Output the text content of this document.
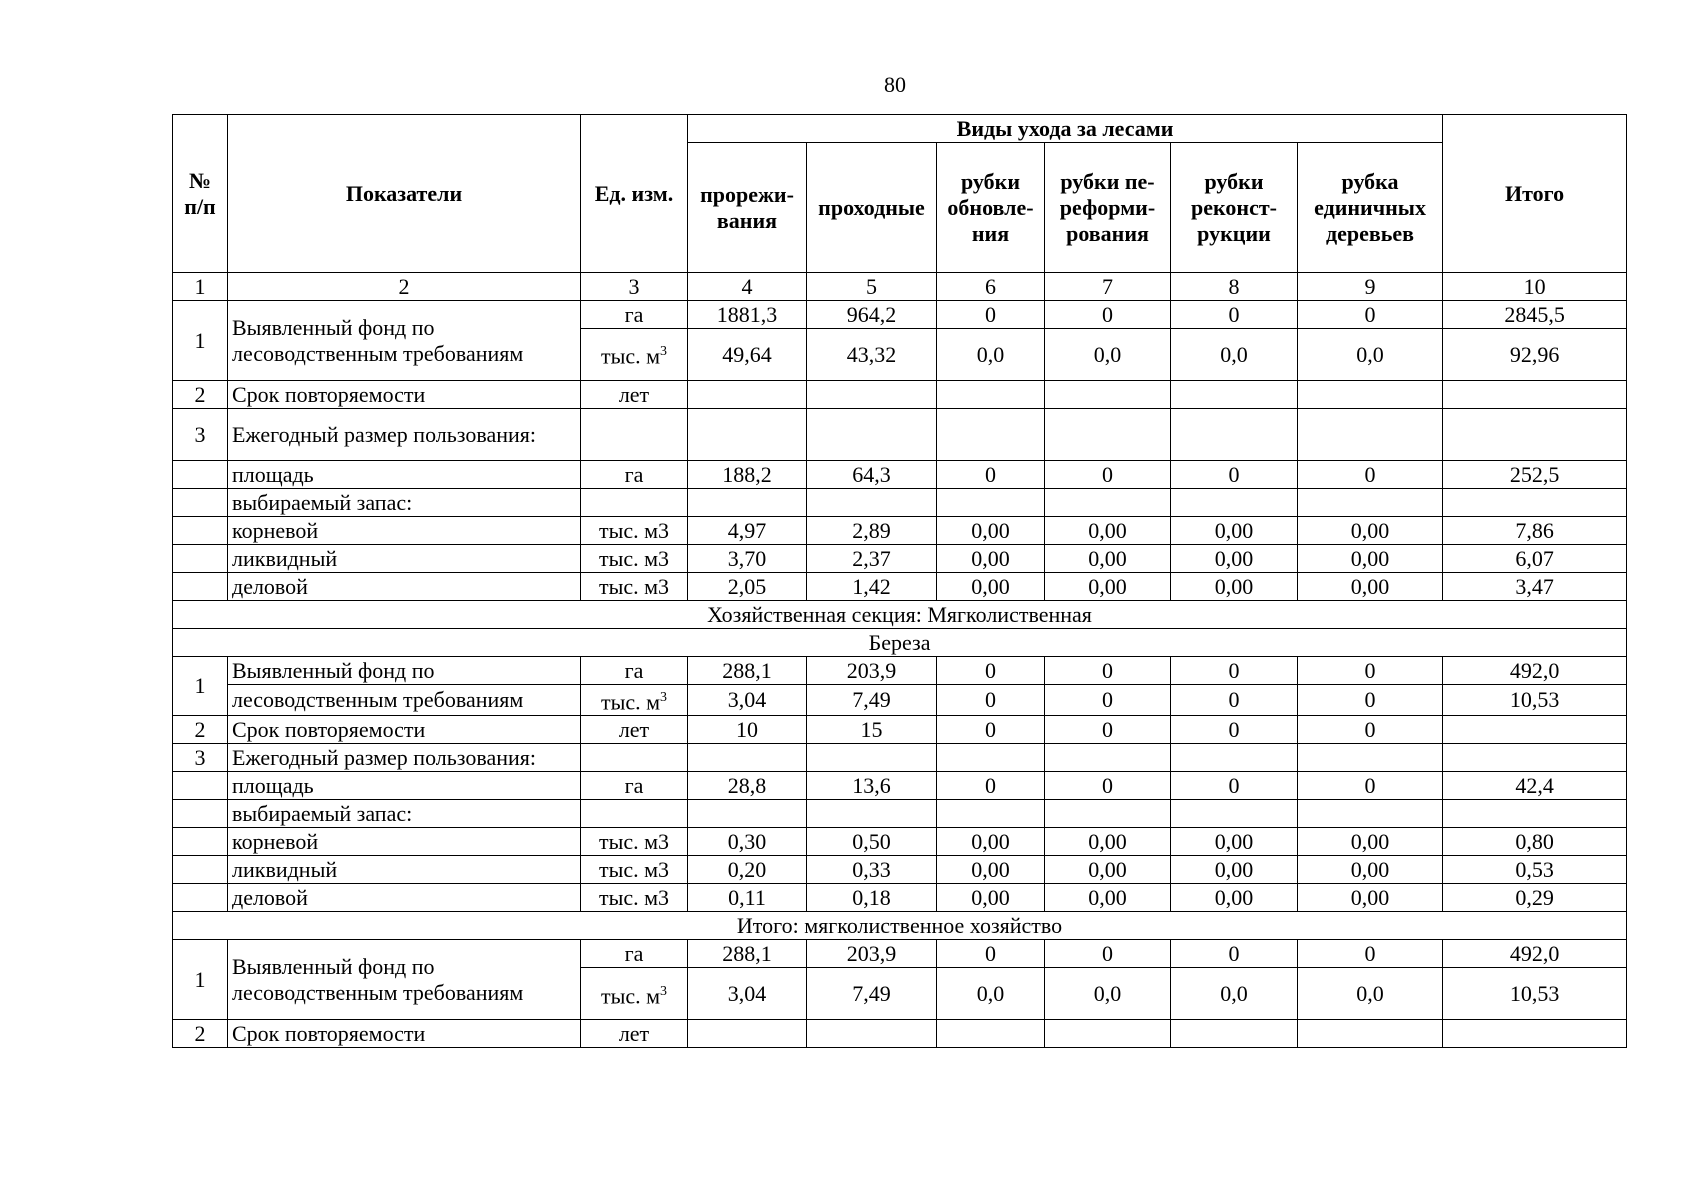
80
№ п/п	Показатели	Ед. изм.	Виды ухода за лесами						Итого
			прорежи-вания	проходные	рубки обновле-ния	рубки пе-реформи-рования	рубки реконст-рукции	рубка единичных деревьев	
1	2	3	4	5	6	7	8	9	10
1	Выявленный фонд по лесоводственным требованиям	га	1881,3	964,2	0	0	0	0	2845,5
		тыс. $м^3$	49,64	43,32	0,0	0,0	0,0	0,0	92,96
2	Срок повторяемости	лет							
3	Ежегодный размер пользования:								
	площадь	га	188,2	64,3	0	0	0	0	252,5
	выбираемый запас:								
	корневой	тыс. м3	4,97	2,89	0,00	0,00	0,00	0,00	7,86
	ликвидный	тыс. м3	3,70	2,37	0,00	0,00	0,00	0,00	6,07
	деловой	тыс. м3	2,05	1,42	0,00	0,00	0,00	0,00	3,47
Хозяйственная секция: Мягколиственная									
Береза									
1	Выявленный фонд по	га	288,1	203,9	0	0	0	0	492,0
	лесоводственным требованиям	тыс. $м^3$	3,04	7,49	0	0	0	0	10,53
2	Срок повторяемости	лет	10	15	0	0	0	0	
3	Ежегодный размер пользования:								
	площадь	га	28,8	13,6	0	0	0	0	42,4
	выбираемый запас:								
	корневой	тыс. м3	0,30	0,50	0,00	0,00	0,00	0,00	0,80
	ликвидный	тыс. м3	0,20	0,33	0,00	0,00	0,00	0,00	0,53
	деловой	тыс. м3	0,11	0,18	0,00	0,00	0,00	0,00	0,29
Итого: мягколиственное хозяйство									
1	Выявленный фонд по лесоводственным требованиям	га	288,1	203,9	0	0	0	0	492,0
		тыс. $м^3$	3,04	7,49	0,0	0,0	0,0	0,0	10,53
2	Срок повторяемости	лет							
